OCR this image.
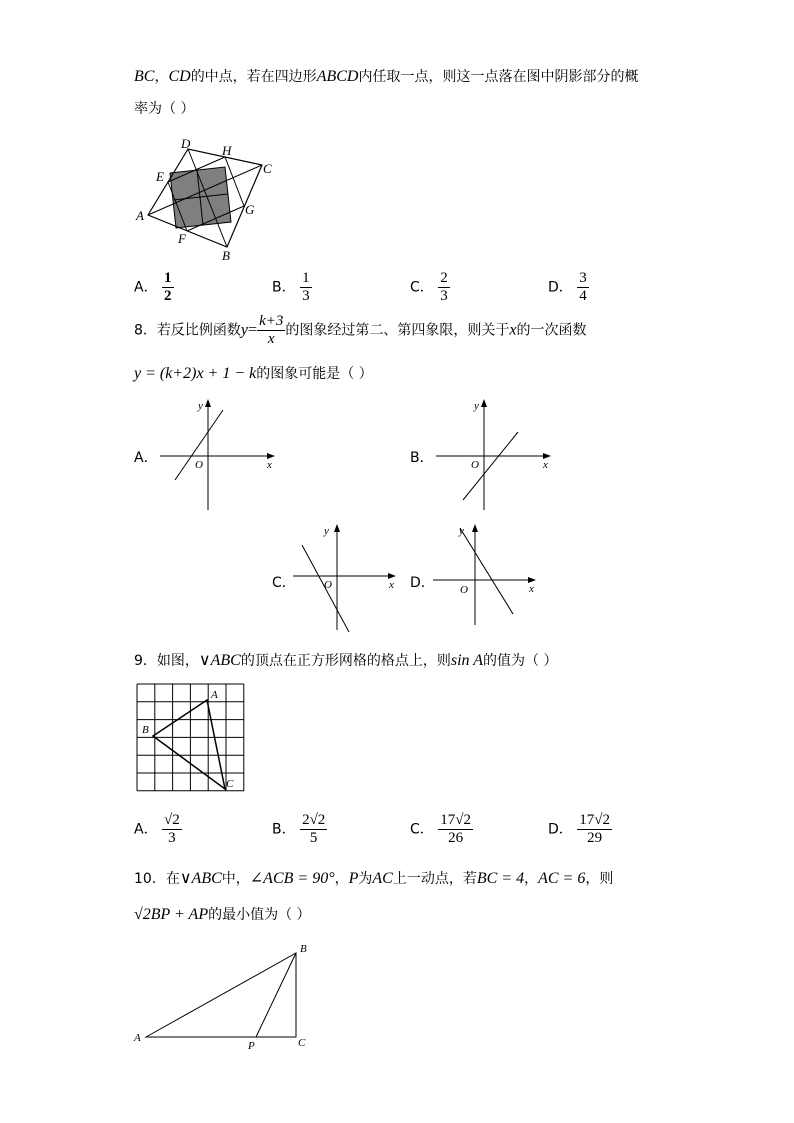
BC，CD的中点，若在四边形ABCD内任取一点，则这一点落在图中阴影部分的概
率为（ ）
A
B
C
D
E
F
G
H
A． $\frac{1}{2}$	B． $\frac{1}{3}$	C． $\frac{2}{3}$	D． $\frac{3}{4}$
8．若反比例函数$y= \frac{k+3}{x}$ 的图象经过第二、第四象限，则关于x的一次函数
y = (k+2)x + 1 − k的图象可能是（ ）
A．	x
y
O	B．	x
y
O
C．	x
y
O	D．	x
y
O
9．如图，∨ABC的顶点在正方形网格的格点上，则sin A的值为（ ）
A
B
C
A． $\frac{√2}{3}$	B． $\frac{2√2}{5}$	C． $\frac{17√2}{26}$	D． $\frac{17√2}{29}$
10．在∨ABC中，∠ACB = 90°，P为AC上一动点，若BC = 4，AC = 6，则
√2BP + AP的最小值为（ ）
A
B
C
P
